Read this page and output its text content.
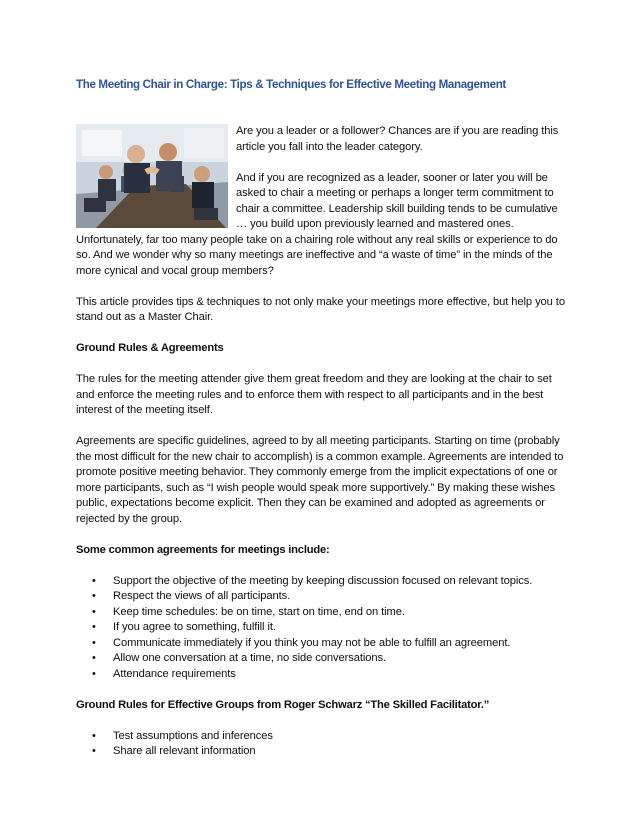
The Meeting Chair in Charge: Tips & Techniques for Effective Meeting Management

Are you a leader or a follower? Chances are if you are reading this article you fall into the leader category.

And if you are recognized as a leader, sooner or later you will be asked to chair a meeting or perhaps a longer term commitment to chair a committee. Leadership skill building tends to be cumulative … you build upon previously learned and mastered ones. Unfortunately, far too many people take on a chairing role without any real skills or experience to do so. And we wonder why so many meetings are ineffective and “a waste of time” in the minds of the more cynical and vocal group members?

This article provides tips & techniques to not only make your meetings more effective, but help you to stand out as a Master Chair.

Ground Rules & Agreements

The rules for the meeting attender give them great freedom and they are looking at the chair to set and enforce the meeting rules and to enforce them with respect to all participants and in the best interest of the meeting itself.

Agreements are specific guidelines, agreed to by all meeting participants. Starting on time (probably the most difficult for the new chair to accomplish) is a common example. Agreements are intended to promote positive meeting behavior. They commonly emerge from the implicit expectations of one or more participants, such as “I wish people would speak more supportively.” By making these wishes public, expectations become explicit. Then they can be examined and adopted as agreements or rejected by the group.

Some common agreements for meetings include:
• Support the objective of the meeting by keeping discussion focused on relevant topics.
• Respect the views of all participants.
• Keep time schedules: be on time, start on time, end on time.
• If you agree to something, fulfill it.
• Communicate immediately if you think you may not be able to fulfill an agreement.
• Allow one conversation at a time, no side conversations.
• Attendance requirements
Ground Rules for Effective Groups from Roger Schwarz “The Skilled Facilitator.”
• Test assumptions and inferences
• Share all relevant information
